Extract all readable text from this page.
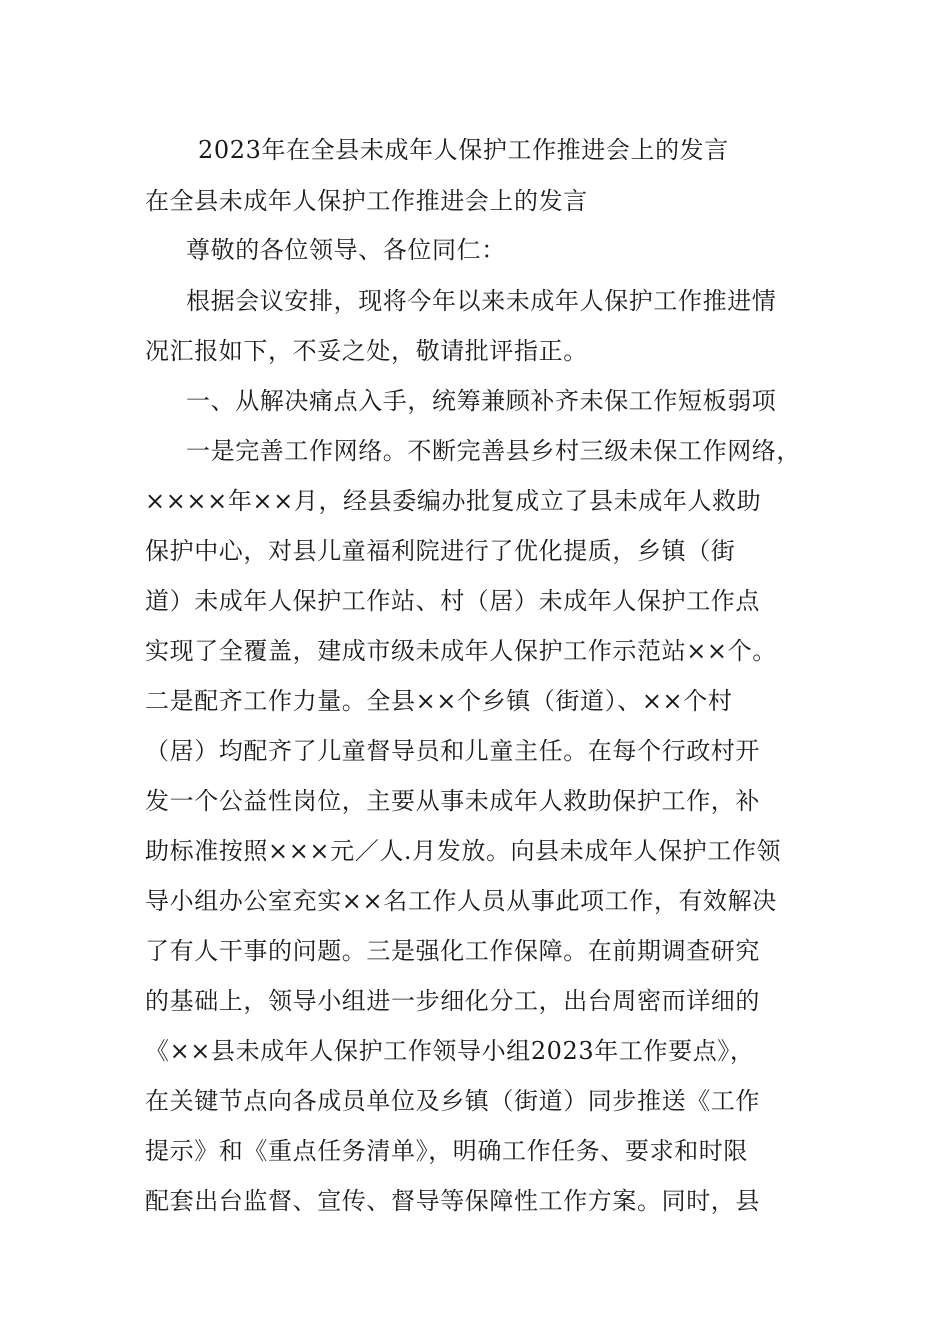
2023年在全县未成年人保护工作推进会上的发言

在全县未成年人保护工作推进会上的发言

尊敬的各位领导、各位同仁：

根据会议安排，现将今年以来未成年人保护工作推进情

况汇报如下，不妥之处，敬请批评指正。

一、从解决痛点入手，统筹兼顾补齐未保工作短板弱项

一是完善工作网络。不断完善县乡村三级未保工作网络，

××××年××月，经县委编办批复成立了县未成年人救助

保护中心，对县儿童福利院进行了优化提质，乡镇（街

道）未成年人保护工作站、村（居）未成年人保护工作点

实现了全覆盖，建成市级未成年人保护工作示范站××个。

二是配齐工作力量。全县××个乡镇（街道）、××个村

（居）均配齐了儿童督导员和儿童主任。在每个行政村开

发一个公益性岗位，主要从事未成年人救助保护工作，补

助标准按照×××元／人.月发放。向县未成年人保护工作领

导小组办公室充实××名工作人员从事此项工作，有效解决

了有人干事的问题。三是强化工作保障。在前期调查研究

的基础上，领导小组进一步细化分工，出台周密而详细的

《××县未成年人保护工作领导小组2023年工作要点》，

在关键节点向各成员单位及乡镇（街道）同步推送《工作

提示》和《重点任务清单》，明确工作任务、要求和时限

配套出台监督、宣传、督导等保障性工作方案。同时，县
